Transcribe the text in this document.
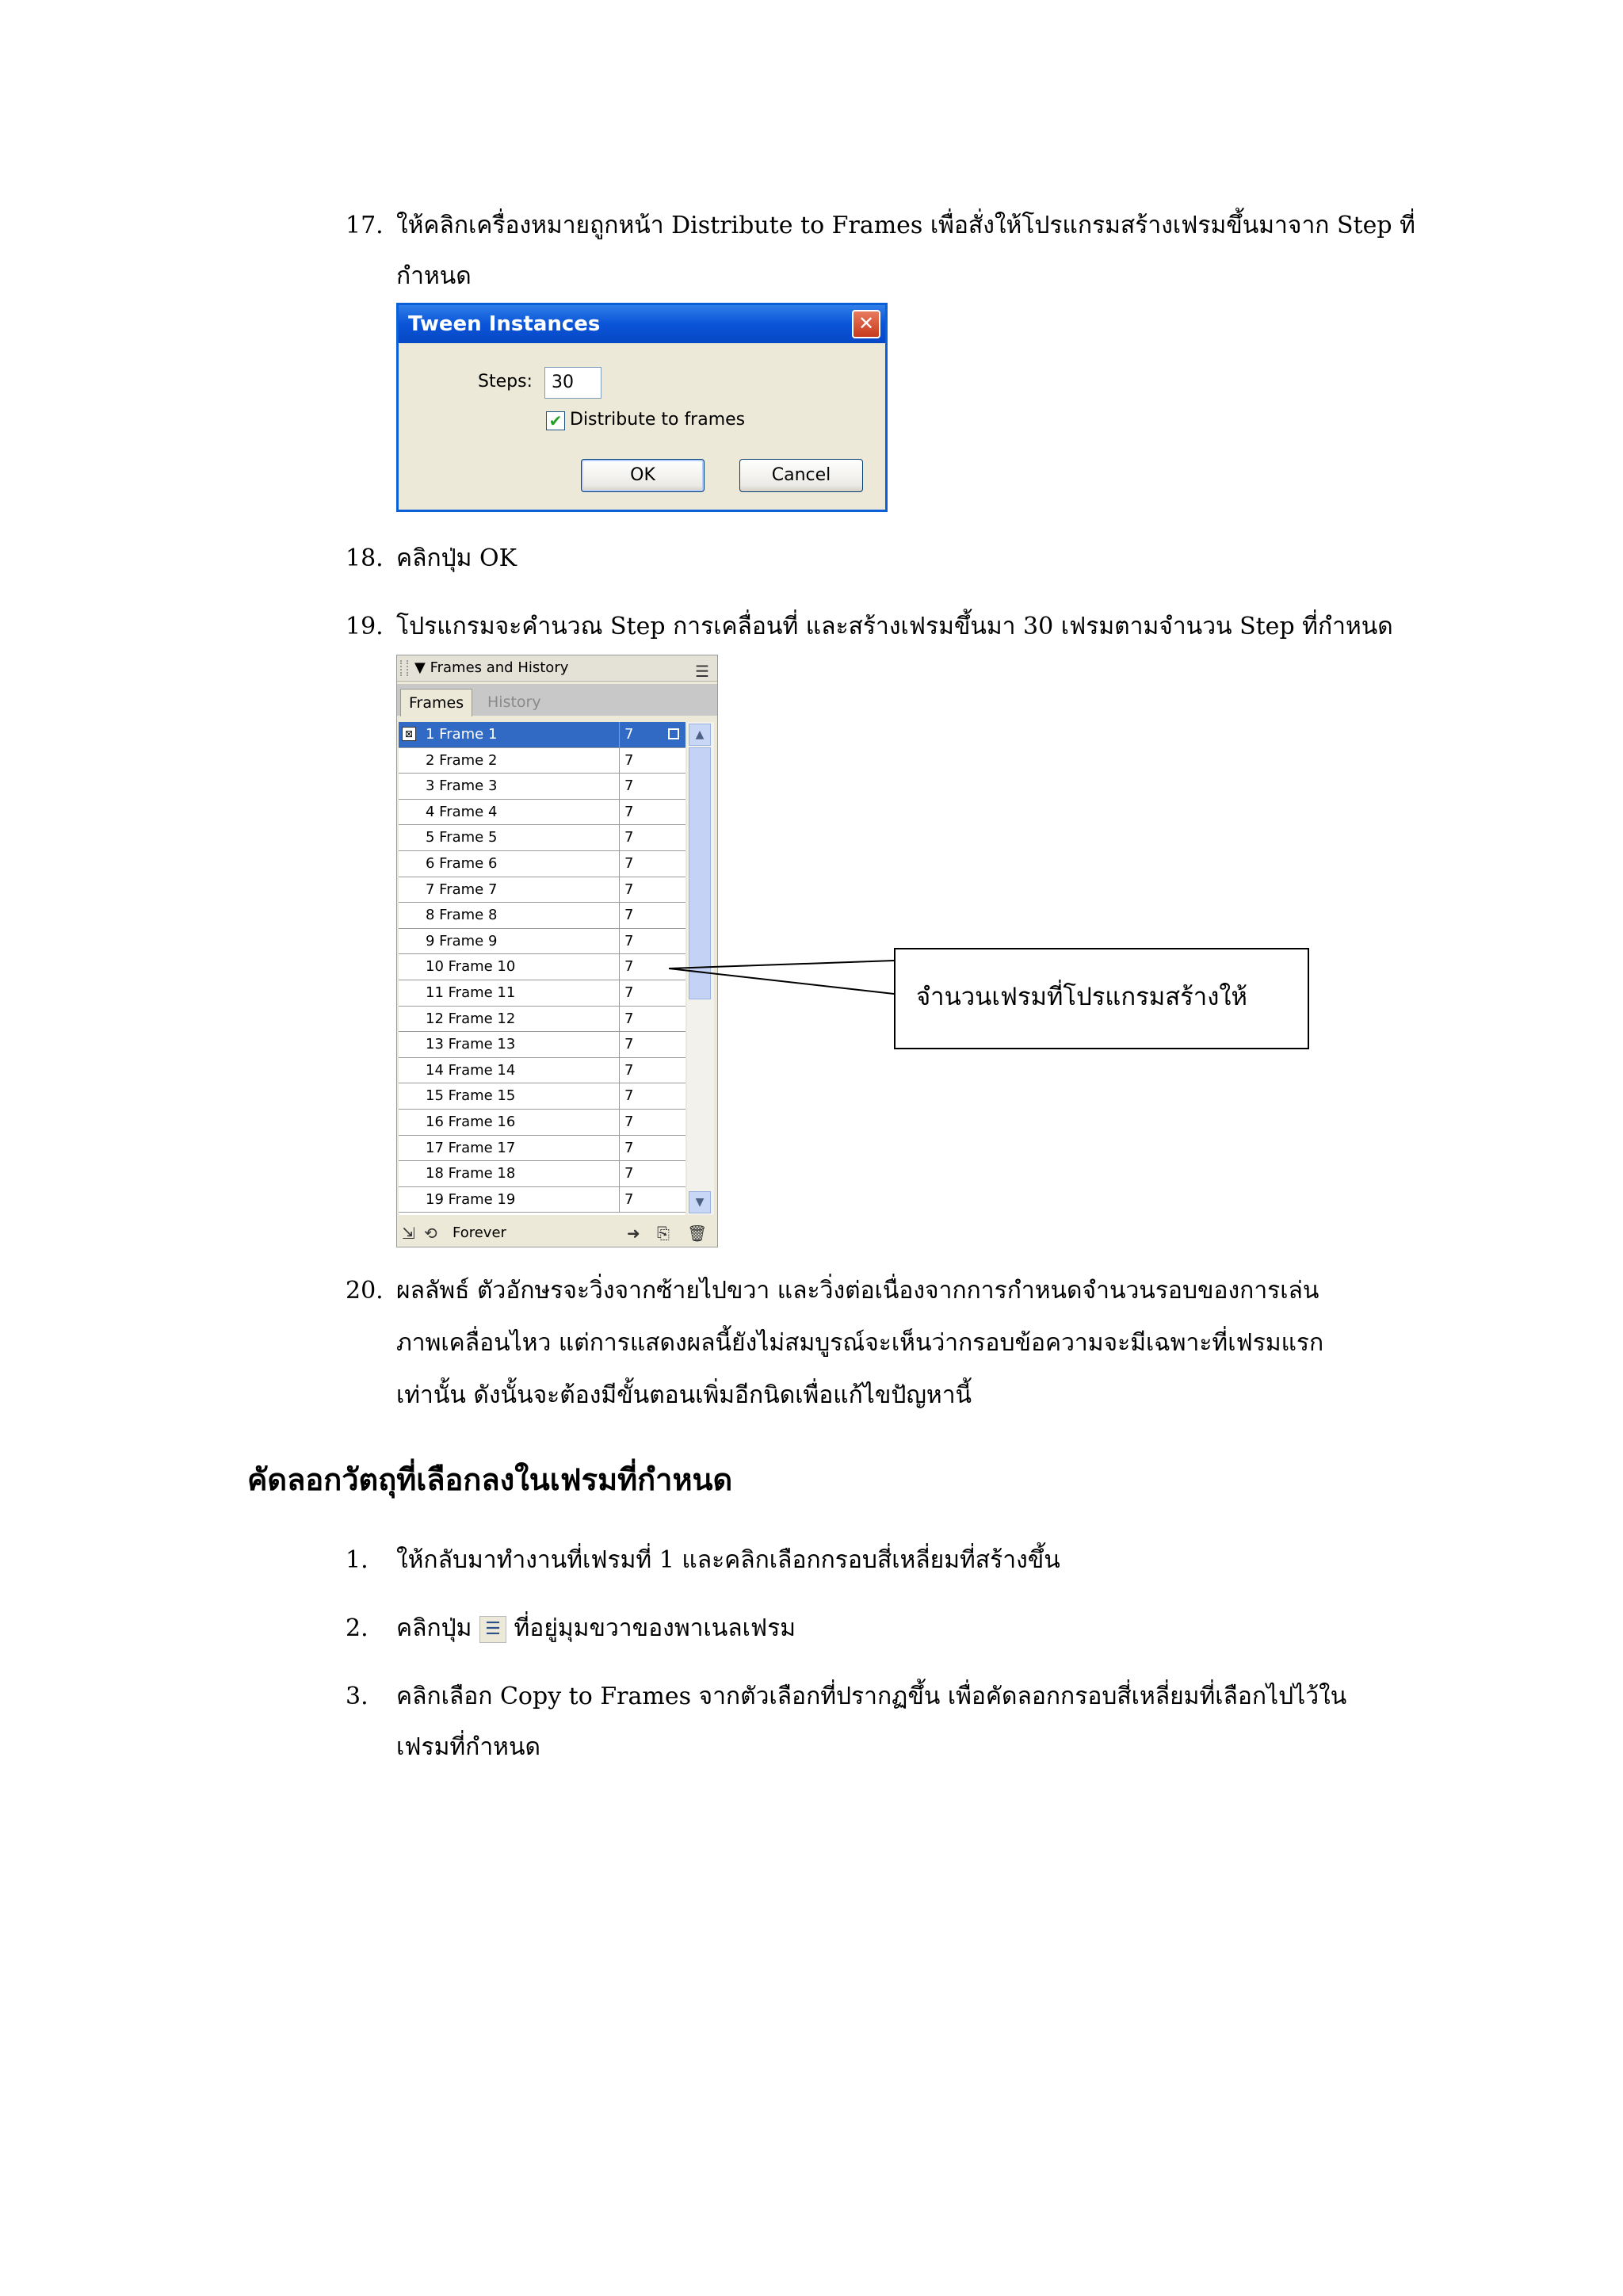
17. ให้คลิกเครื่องหมายถูกหน้า Distribute to Frames เพื่อสั่งให้โปรแกรมสร้างเฟรมขึ้นมาจาก Step ที่
กำหนด
Tween Instances	✕
Steps:	30
✔ Distribute to frames
OK	Cancel
18. คลิกปุ่ม OK
19. โปรแกรมจะคำนวณ Step การเคลื่อนที่ และสร้างเฟรมขึ้นมา 30 เฟรมตามจำนวน Step ที่กำหนด
▼ Frames and History	☰
Frames	History
⊠ 1 Frame 1	7
2 Frame 2	7
3 Frame 3	7
4 Frame 4	7
5 Frame 5	7
6 Frame 6	7
7 Frame 7	7
8 Frame 8	7
9 Frame 9	7
10 Frame 10	7
11 Frame 11	7
12 Frame 12	7
13 Frame 13	7
14 Frame 14	7
15 Frame 15	7
16 Frame 16	7
17 Frame 17	7
18 Frame 18	7
19 Frame 19	7
▲
▼
⇲ ⟲ Forever	➜ ⎘ 🗑
จำนวนเฟรมที่โปรแกรมสร้างให้
20. ผลลัพธ์ ตัวอักษรจะวิ่งจากซ้ายไปขวา และวิ่งต่อเนื่องจากการกำหนดจำนวนรอบของการเล่น
ภาพเคลื่อนไหว แต่การแสดงผลนี้ยังไม่สมบูรณ์จะเห็นว่ากรอบข้อความจะมีเฉพาะที่เฟรมแรก
เท่านั้น ดังนั้นจะต้องมีขั้นตอนเพิ่มอีกนิดเพื่อแก้ไขปัญหานี้
คัดลอกวัตถุที่เลือกลงในเฟรมที่กำหนด
1. ให้กลับมาทำงานที่เฟรมที่ 1 และคลิกเลือกกรอบสี่เหลี่ยมที่สร้างขึ้น
2. คลิกปุ่ม ☰ ที่อยู่มุมขวาของพาเนลเฟรม
3. คลิกเลือก Copy to Frames จากตัวเลือกที่ปรากฏขึ้น เพื่อคัดลอกกรอบสี่เหลี่ยมที่เลือกไปไว้ใน
เฟรมที่กำหนด
